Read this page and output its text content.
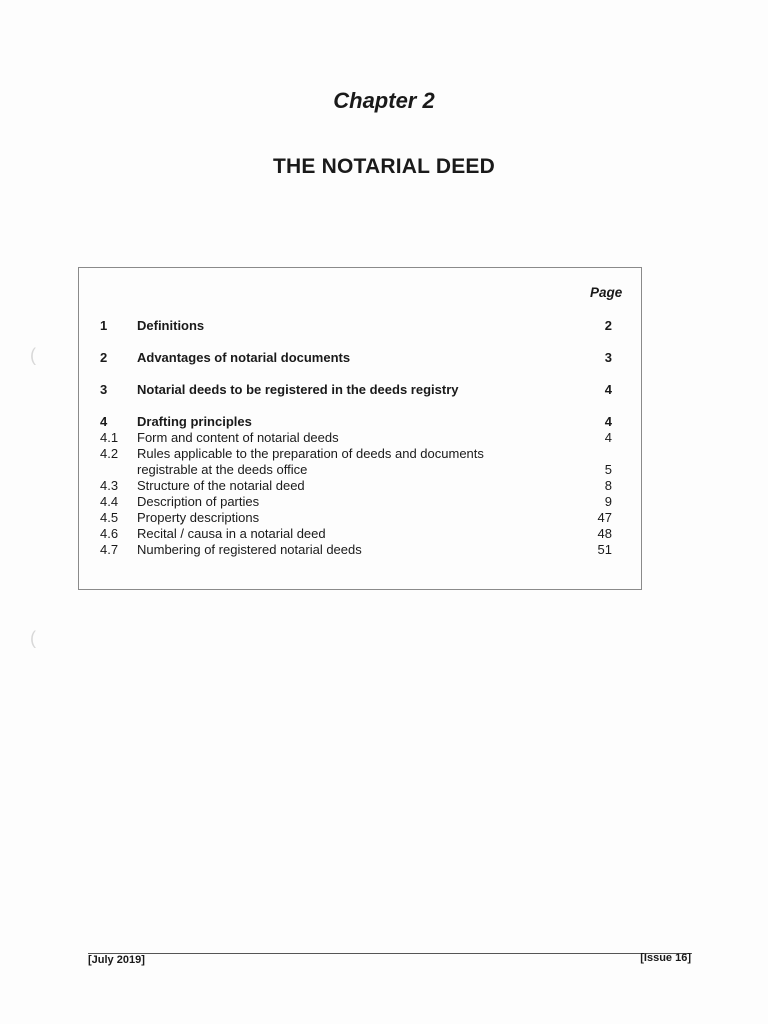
Chapter 2
THE NOTARIAL DEED
Page
1	Definitions	2
2	Advantages of notarial documents	3
3	Notarial deeds to be registered in the deeds registry	4
4	Drafting principles	4
4.1	Form and content of notarial deeds	4
4.2	Rules applicable to the preparation of deeds and documents
registrable at the deeds office	5
4.3	Structure of the notarial deed	8
4.4	Description of parties	9
4.5	Property descriptions	47
4.6	Recital / causa in a notarial deed	48
4.7	Numbering of registered notarial deeds	51
(
(
[July 2019]	[Issue 16]
